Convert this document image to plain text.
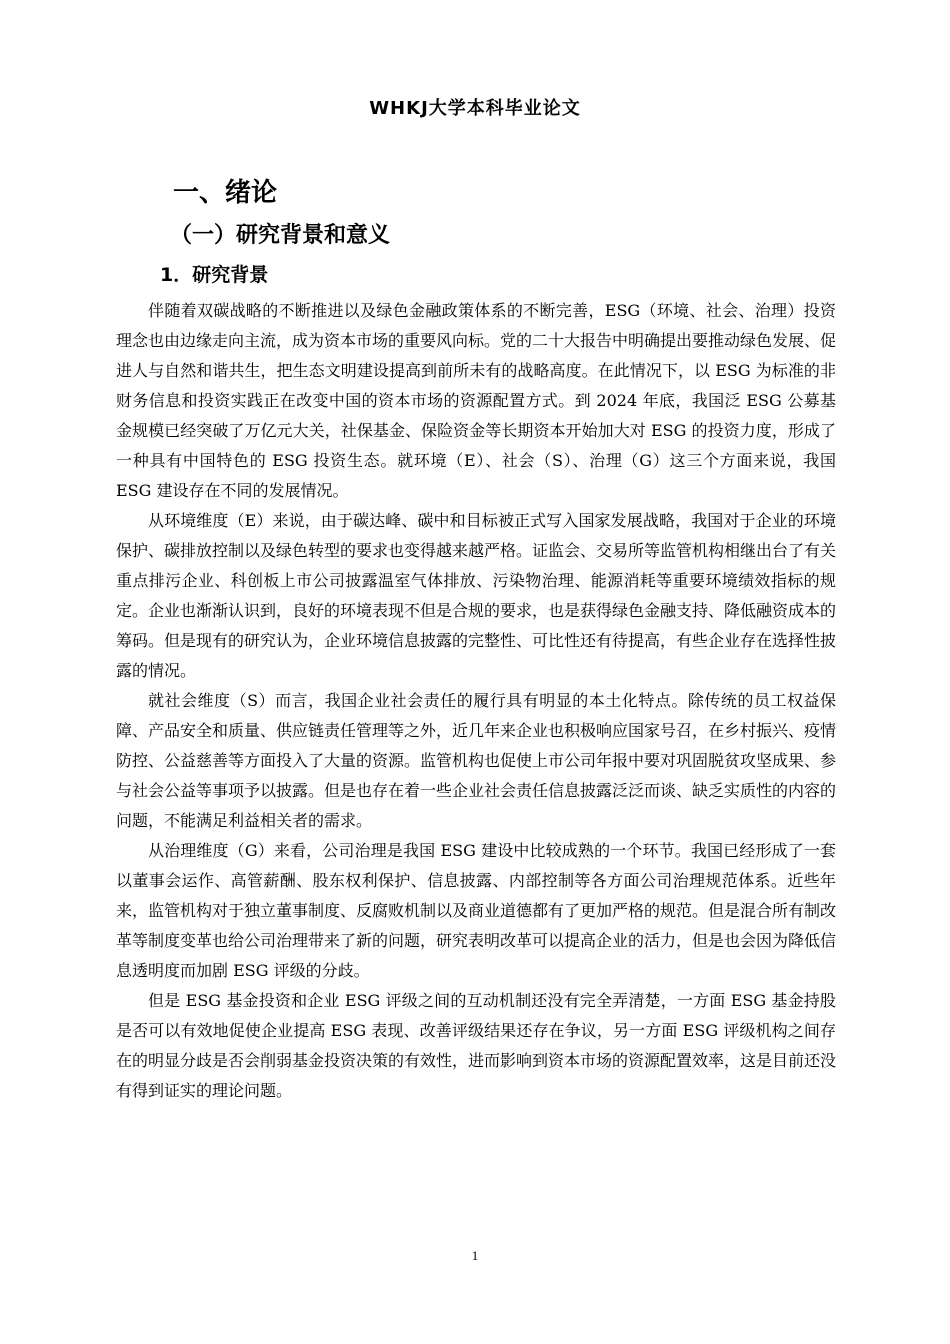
WHKJ大学本科毕业论文
一、绪论
（一）研究背景和意义
1．研究背景

伴随着双碳战略的不断推进以及绿色金融政策体系的不断完善，ESG（环境、社会、治理）投资理念也由边缘走向主流，成为资本市场的重要风向标。党的二十大报告中明确提出要推动绿色发展、促进人与自然和谐共生，把生态文明建设提高到前所未有的战略高度。在此情况下，以 ESG 为标准的非财务信息和投资实践正在改变中国的资本市场的资源配置方式。到 2024 年底，我国泛 ESG 公募基金规模已经突破了万亿元大关，社保基金、保险资金等长期资本开始加大对 ESG 的投资力度，形成了一种具有中国特色的 ESG 投资生态。就环境（E）、社会（S）、治理（G）这三个方面来说，我国 ESG 建设存在不同的发展情况。

从环境维度（E）来说，由于碳达峰、碳中和目标被正式写入国家发展战略，我国对于企业的环境保护、碳排放控制以及绿色转型的要求也变得越来越严格。证监会、交易所等监管机构相继出台了有关重点排污企业、科创板上市公司披露温室气体排放、污染物治理、能源消耗等重要环境绩效指标的规定。企业也渐渐认识到，良好的环境表现不但是合规的要求，也是获得绿色金融支持、降低融资成本的筹码。但是现有的研究认为，企业环境信息披露的完整性、可比性还有待提高，有些企业存在选择性披露的情况。

就社会维度（S）而言，我国企业社会责任的履行具有明显的本土化特点。除传统的员工权益保障、产品安全和质量、供应链责任管理等之外，近几年来企业也积极响应国家号召，在乡村振兴、疫情防控、公益慈善等方面投入了大量的资源。监管机构也促使上市公司年报中要对巩固脱贫攻坚成果、参与社会公益等事项予以披露。但是也存在着一些企业社会责任信息披露泛泛而谈、缺乏实质性的内容的问题，不能满足利益相关者的需求。

从治理维度（G）来看，公司治理是我国 ESG 建设中比较成熟的一个环节。我国已经形成了一套以董事会运作、高管薪酬、股东权利保护、信息披露、内部控制等各方面公司治理规范体系。近些年来，监管机构对于独立董事制度、反腐败机制以及商业道德都有了更加严格的规范。但是混合所有制改革等制度变革也给公司治理带来了新的问题，研究表明改革可以提高企业的活力，但是也会因为降低信息透明度而加剧 ESG 评级的分歧。

但是 ESG 基金投资和企业 ESG 评级之间的互动机制还没有完全弄清楚，一方面 ESG 基金持股是否可以有效地促使企业提高 ESG 表现、改善评级结果还存在争议，另一方面 ESG 评级机构之间存在的明显分歧是否会削弱基金投资决策的有效性，进而影响到资本市场的资源配置效率，这是目前还没有得到证实的理论问题。

1
